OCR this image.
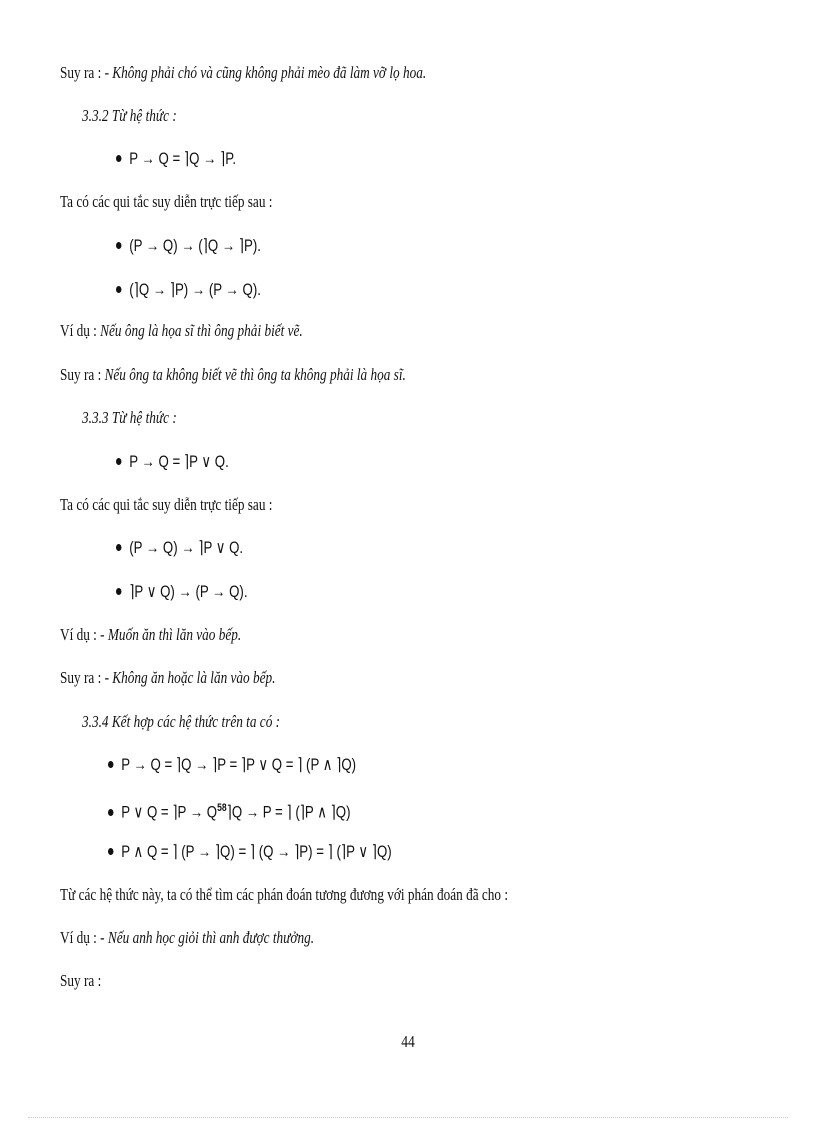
Suy ra : - Không phải chó và cũng không phải mèo đã làm vỡ lọ hoa.
3.3.2 Từ hệ thức :
P → Q = ⌉Q → ⌉P.
Ta có các qui tắc suy diễn trực tiếp sau :
(P → Q) → (⌉Q → ⌉P).
(⌉Q → ⌉P) → (P → Q).
Ví dụ : Nếu ông là họa sĩ thì ông phải biết vẽ.
Suy ra : Nếu ông ta không biết vẽ thì ông ta không phải là họa sĩ.
3.3.3 Từ hệ thức :
P → Q = ⌉P ∨ Q.
Ta có các qui tắc suy diễn trực tiếp sau :
(P → Q) → ⌉P ∨ Q.
⌉P ∨ Q) → (P → Q).
Ví dụ : - Muốn ăn thì lăn vào bếp.
Suy ra : - Không ăn hoặc là lăn vào bếp.
3.3.4 Kết hợp các hệ thức trên ta có :
P → Q = ⌉Q → ⌉P = ⌉P ∨ Q = ⌉ (P ∧ ⌉Q)
P ∨ Q = ⌉P → $Q^{58}⌉Q \to P$ = ⌉ (⌉P ∧ ⌉Q)
P ∧ Q = ⌉ (P → ⌉Q) = ⌉ (Q → ⌉P) = ⌉ (⌉P ∨ ⌉Q)
Từ các hệ thức này, ta có thể tìm các phán đoán tương đương với phán đoán đã cho :
Ví dụ : - Nếu anh học giỏi thì anh được thưởng.
Suy ra :
44
